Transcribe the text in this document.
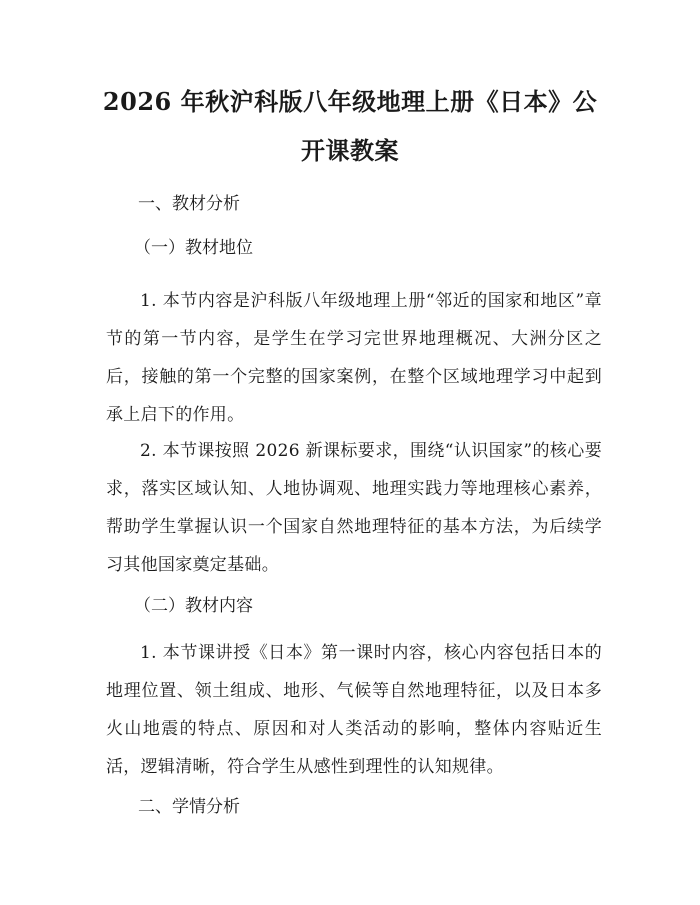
2026 年秋沪科版八年级地理上册《日本》公
开课教案
一、教材分析
（一）教材地位
1. 本节内容是沪科版八年级地理上册“邻近的国家和地区”章节的第一节内容，是学生在学习完世界地理概况、大洲分区之后，接触的第一个完整的国家案例，在整个区域地理学习中起到承上启下的作用。
2. 本节课按照 2026 新课标要求，围绕“认识国家”的核心要求，落实区域认知、人地协调观、地理实践力等地理核心素养，帮助学生掌握认识一个国家自然地理特征的基本方法，为后续学习其他国家奠定基础。
（二）教材内容
1. 本节课讲授《日本》第一课时内容，核心内容包括日本的地理位置、领土组成、地形、气候等自然地理特征，以及日本多火山地震的特点、原因和对人类活动的影响，整体内容贴近生活，逻辑清晰，符合学生从感性到理性的认知规律。
二、学情分析
